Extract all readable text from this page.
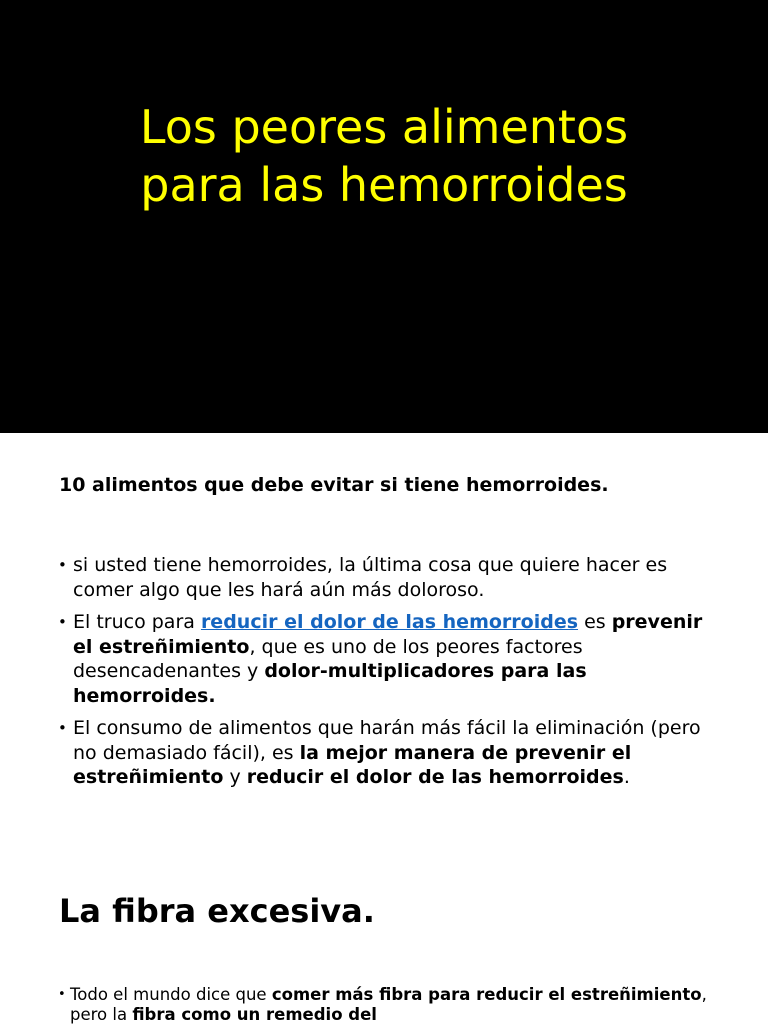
Los peores alimentos
para las hemorroides

10 alimentos que debe evitar si tiene hemorroides.

• si usted tiene hemorroides, la última cosa que quiere hacer es comer algo que les hará aún más doloroso.
• El truco para reducir el dolor de las hemorroides es prevenir el estreñimiento, que es uno de los peores factores desencadenantes y dolor-multiplicadores para las hemorroides.
• El consumo de alimentos que harán más fácil la eliminación (pero no demasiado fácil), es la mejor manera de prevenir el estreñimiento y reducir el dolor de las hemorroides.
La fibra excesiva.
• Todo el mundo dice que comer más fibra para reducir el estreñimiento, pero la fibra como un remedio del
